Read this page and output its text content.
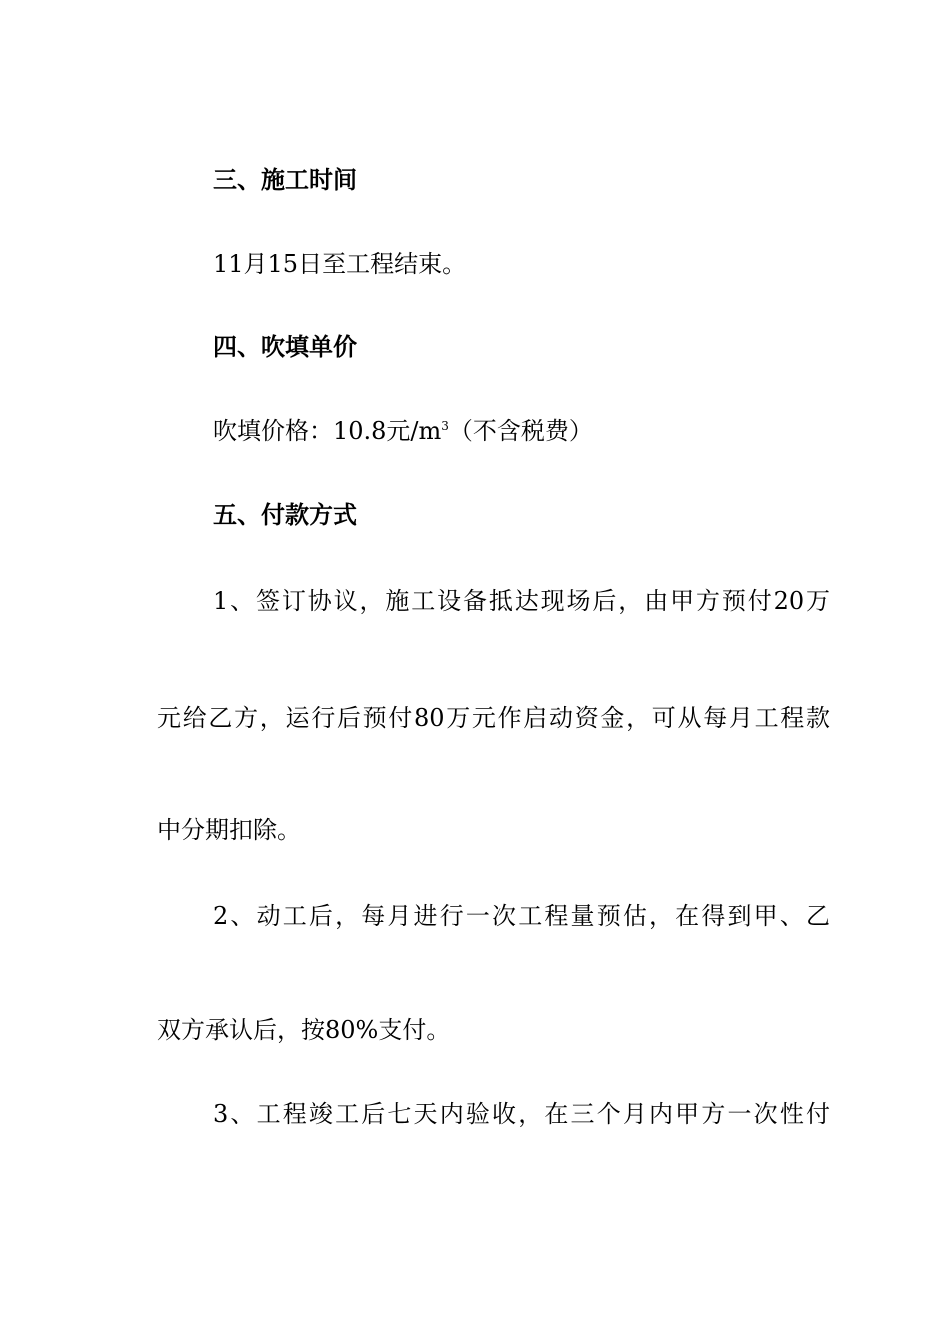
三、施工时间
11月15日至工程结束。
四、吹填单价
吹填价格：10.8元$/m^3$（不含税费）
五、付款方式
1、签订协议，施工设备抵达现场后，由甲方预付20万
元给乙方，运行后预付80万元作启动资金，可从每月工程款
中分期扣除。
2、动工后，每月进行一次工程量预估，在得到甲、乙
双方承认后，按80%支付。
3、工程竣工后七天内验收，在三个月内甲方一次性付
